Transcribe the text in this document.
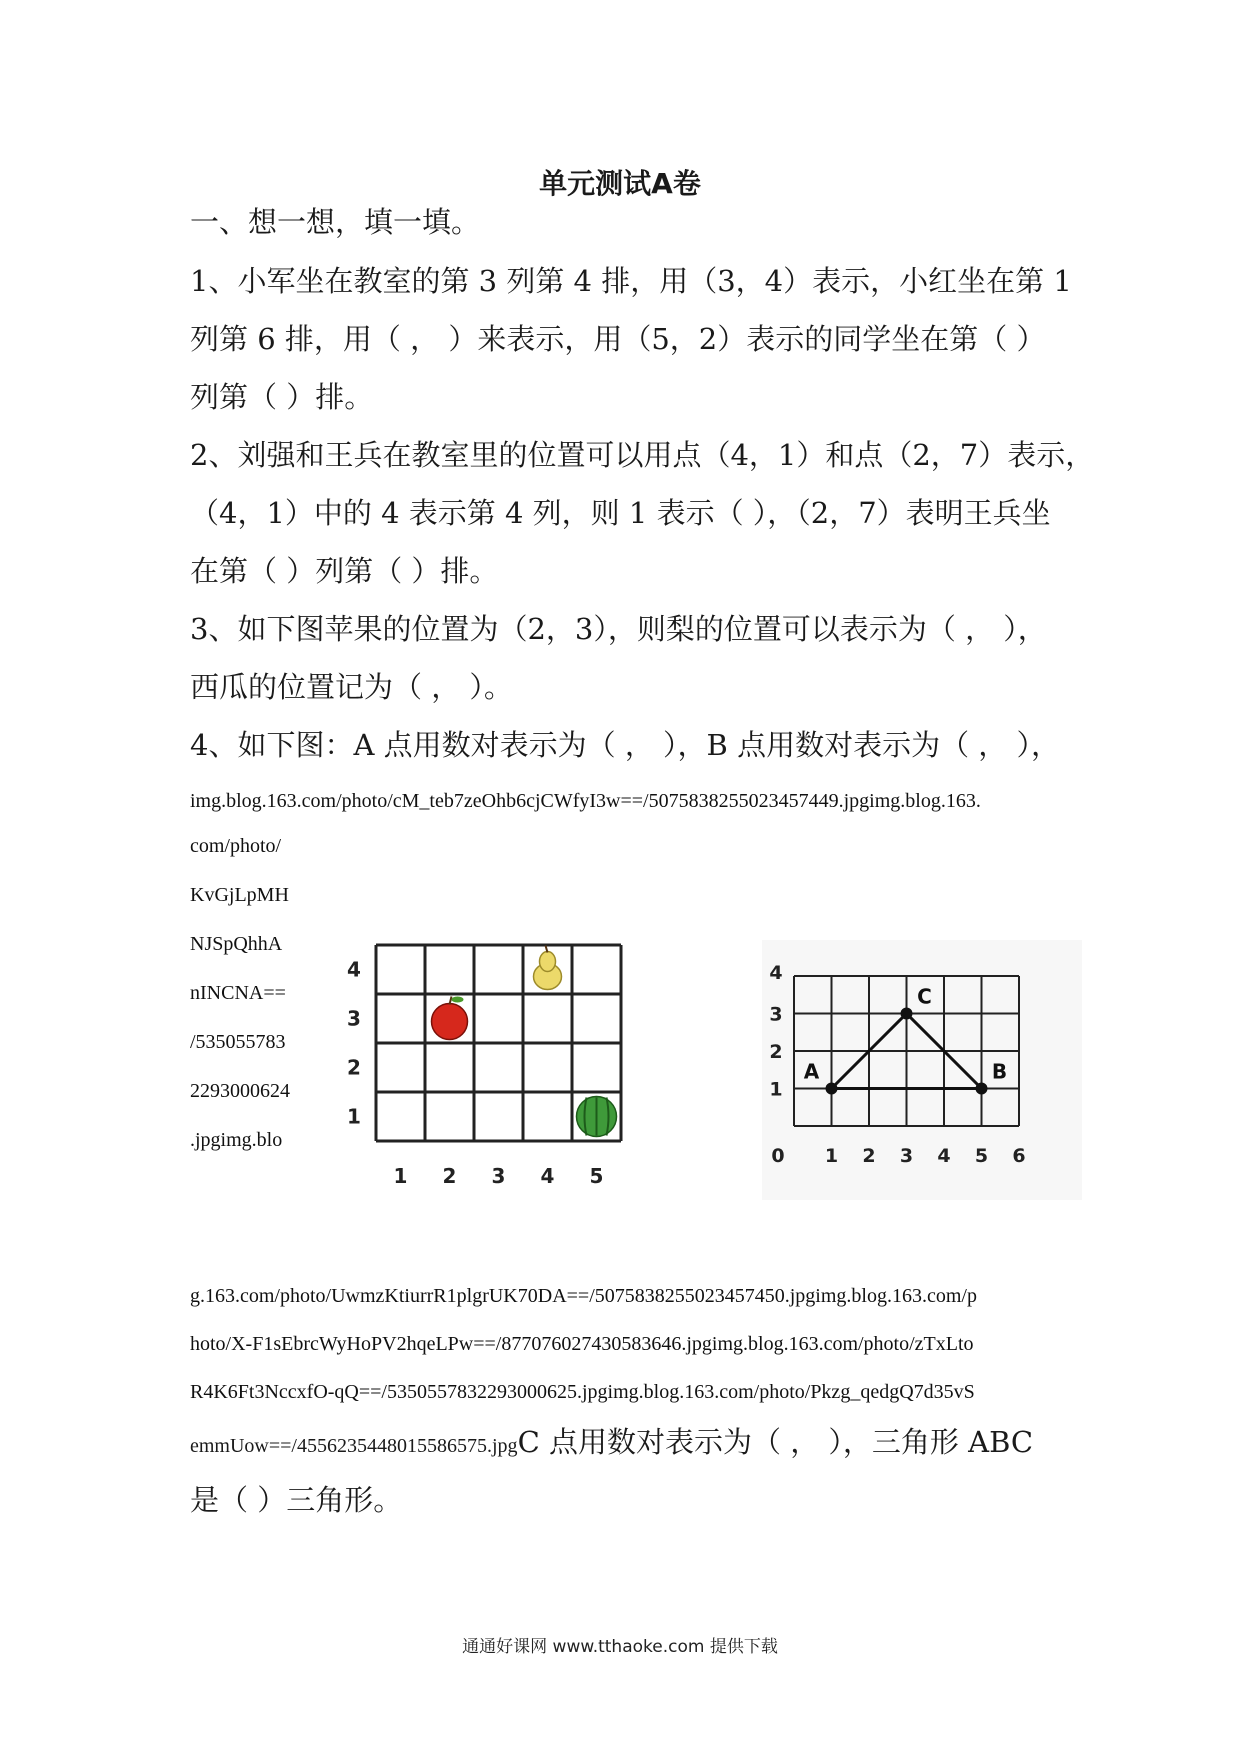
单元测试A卷
一、想一想，填一填。
1、小军坐在教室的第 3 列第 4 排，用（3，4）表示，小红坐在第 1
列第 6 排，用（ ， ）来表示，用（5，2）表示的同学坐在第（ ）
列第（ ）排。
2、刘强和王兵在教室里的位置可以用点（4，1）和点（2，7）表示，
（4，1）中的 4 表示第 4 列，则 1 表示（ ），（2，7）表明王兵坐
在第（ ）列第（ ）排。
3、如下图苹果的位置为（2，3），则梨的位置可以表示为（ ， ），
西瓜的位置记为（ ， ）。
4、如下图：A 点用数对表示为（ ， ），B 点用数对表示为（ ， ），
img.blog.163.com/photo/cM_teb7zeOhb6cjCWfyI3w==/5075838255023457449.jpgimg.blog.163.
com/photo/
KvGjLpMH
NJSpQhhA
nINCNA==
/535055783
2293000624
.jpgimg.blo
1 2 3 4 5
4
3
2
1
0 1 2 3 4 5 6
4
3
2
1
A	B
C
g.163.com/photo/UwmzKtiurrR1plgrUK70DA==/5075838255023457450.jpgimg.blog.163.com/p
hoto/X-F1sEbrcWyHoPV2hqeLPw==/877076027430583646.jpgimg.blog.163.com/photo/zTxLto
R4K6Ft3NccxfO-qQ==/5350557832293000625.jpgimg.blog.163.com/photo/Pkzg_qedgQ7d35vS
emmUow==/4556235448015586575.jpgC 点用数对表示为（ ， ），三角形 ABC
是（ ）三角形。
通通好课网 www.tthaoke.com 提供下载
